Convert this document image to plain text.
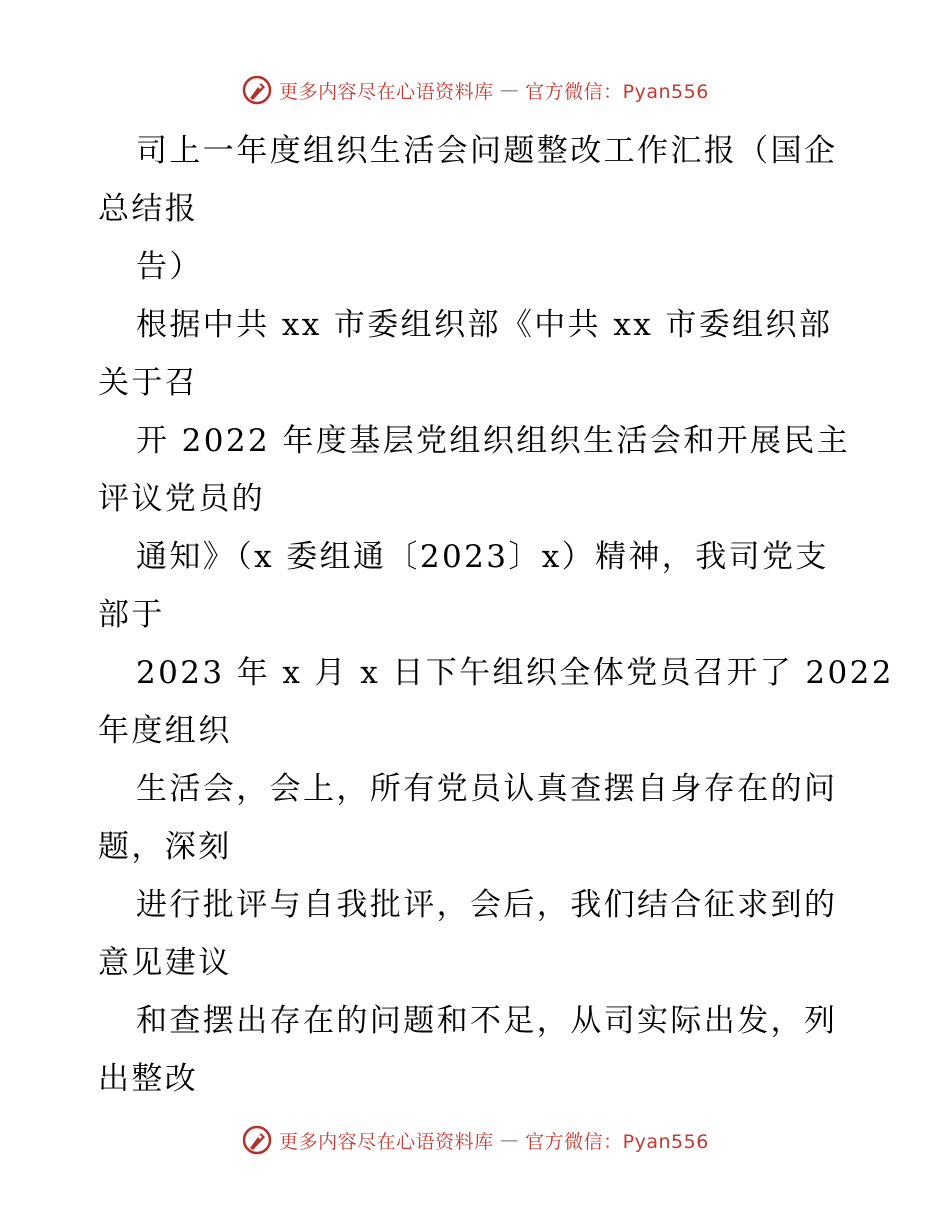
更多内容尽在心语资料库 — 官方微信：Pyan556
司上一年度组织生活会问题整改工作汇报（国企
总结报
告）
根据中共 xx 市委组织部《中共 xx 市委组织部
关于召
开 2022 年度基层党组织组织生活会和开展民主
评议党员的
通知》（x 委组通〔2023〕x）精神，我司党支
部于
2023 年 x 月 x 日下午组织全体党员召开了 2022
年度组织
生活会，会上，所有党员认真查摆自身存在的问
题，深刻
进行批评与自我批评，会后，我们结合征求到的
意见建议
和查摆出存在的问题和不足，从司实际出发，列
出整改
更多内容尽在心语资料库 — 官方微信：Pyan556
